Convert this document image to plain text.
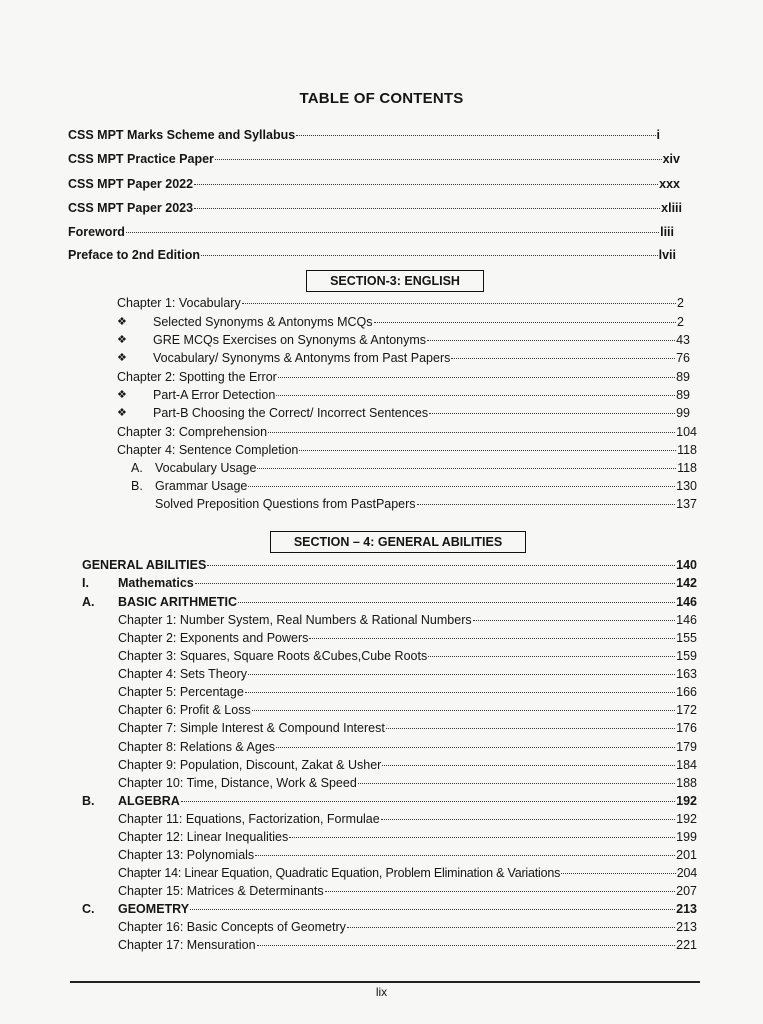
TABLE OF CONTENTS
CSS MPT Marks Scheme and Syllabus	i
CSS MPT Practice Paper	xiv
CSS MPT Paper 2022	xxx
CSS MPT Paper 2023	xliii
Foreword	liii
Preface to 2nd Edition	lvii
SECTION-3: ENGLISH
Chapter 1: Vocabulary	2
❖ Selected Synonyms & Antonyms MCQs	2
❖ GRE MCQs Exercises on Synonyms & Antonyms	43
❖ Vocabulary/ Synonyms & Antonyms from Past Papers	76
Chapter 2: Spotting the Error	89
❖ Part-A Error Detection	89
❖ Part-B Choosing the Correct/ Incorrect Sentences	99
Chapter 3: Comprehension	104
Chapter 4: Sentence Completion	118
A. Vocabulary Usage	118
B. Grammar Usage	130
Solved Preposition Questions from PastPapers	137
SECTION – 4: GENERAL ABILITIES
GENERAL ABILITIES	140
I. Mathematics	142
A. BASIC ARITHMETIC	146
Chapter 1: Number System, Real Numbers & Rational Numbers	146
Chapter 2: Exponents and Powers	155
Chapter 3: Squares, Square Roots &Cubes,Cube Roots	159
Chapter 4: Sets Theory	163
Chapter 5: Percentage	166
Chapter 6: Profit & Loss	172
Chapter 7: Simple Interest & Compound Interest	176
Chapter 8: Relations & Ages	179
Chapter 9: Population, Discount, Zakat & Usher	184
Chapter 10: Time, Distance, Work & Speed	188
B. ALGEBRA	192
Chapter 11: Equations, Factorization, Formulae	192
Chapter 12: Linear Inequalities	199
Chapter 13: Polynomials	201
Chapter 14: Linear Equation, Quadratic Equation, Problem Elimination & Variations	204
Chapter 15: Matrices & Determinants	207
C. GEOMETRY	213
Chapter 16: Basic Concepts of Geometry	213
Chapter 17: Mensuration	221
lix
